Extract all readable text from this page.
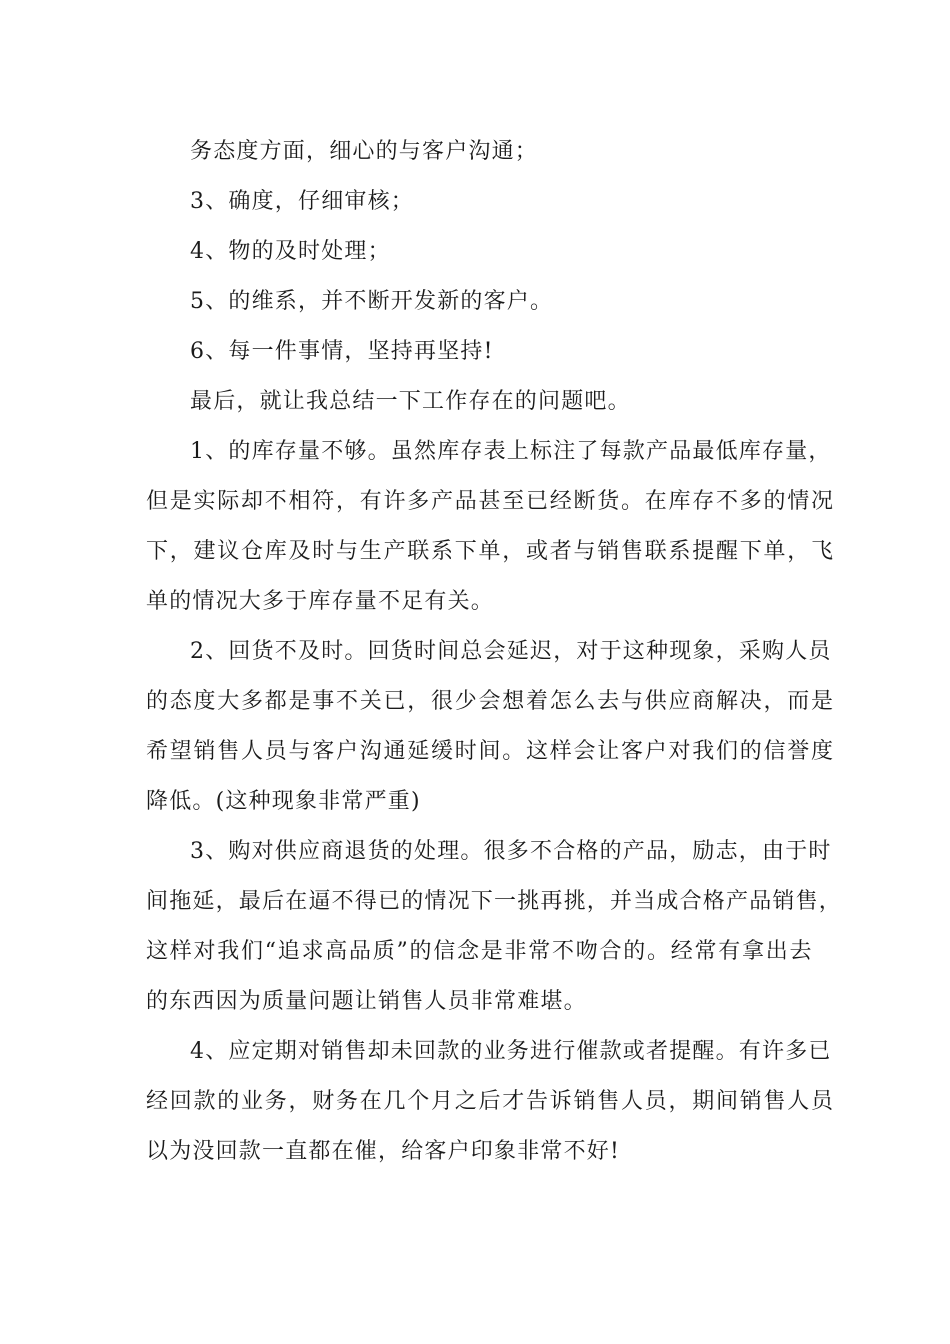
务态度方面，细心的与客户沟通；
3、确度，仔细审核；
4、物的及时处理；
5、的维系，并不断开发新的客户。
6、每一件事情，坚持再坚持!
最后，就让我总结一下工作存在的问题吧。
1、的库存量不够。虽然库存表上标注了每款产品最低库存量，
但是实际却不相符，有许多产品甚至已经断货。在库存不多的情况
下，建议仓库及时与生产联系下单，或者与销售联系提醒下单，飞
单的情况大多于库存量不足有关。
2、回货不及时。回货时间总会延迟，对于这种现象，采购人员
的态度大多都是事不关已，很少会想着怎么去与供应商解决，而是
希望销售人员与客户沟通延缓时间。这样会让客户对我们的信誉度
降低。(这种现象非常严重)
3、购对供应商退货的处理。很多不合格的产品，励志，由于时
间拖延，最后在逼不得已的情况下一挑再挑，并当成合格产品销售，
这样对我们“追求高品质”的信念是非常不吻合的。经常有拿出去
的东西因为质量问题让销售人员非常难堪。
4、应定期对销售却未回款的业务进行催款或者提醒。有许多已
经回款的业务，财务在几个月之后才告诉销售人员，期间销售人员
以为没回款一直都在催，给客户印象非常不好!
